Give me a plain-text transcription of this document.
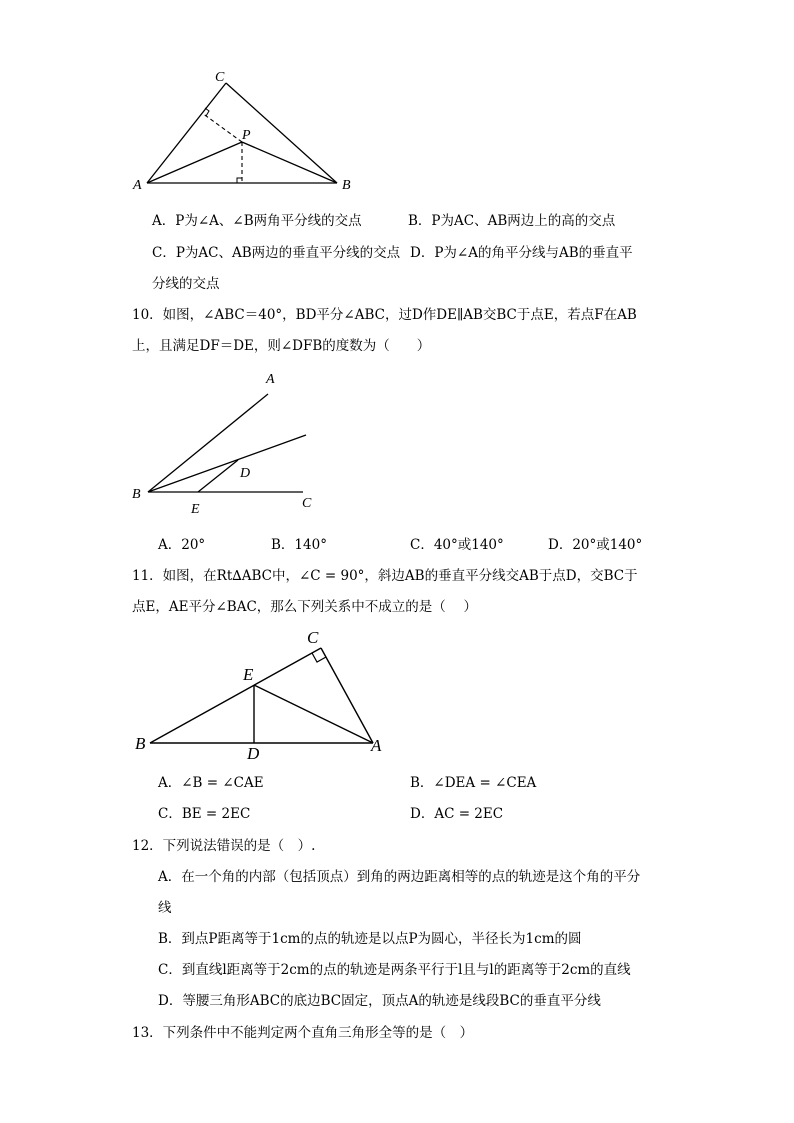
A	B
C
P
A．P为∠A、∠B两角平分线的交点	B．P为AC、AB两边上的高的交点
C．P为AC、AB两边的垂直平分线的交点 D．P为∠A的角平分线与AB的垂直平
分线的交点
10．如图，∠ABC＝40°，BD平分∠ABC，过D作DE∥AB交BC于点E，若点F在AB
上，且满足DF＝DE，则∠DFB的度数为（　　）
A
B
C
D
E
A．20°	B．140°	C．40°或140°	D．20°或140°
11．如图，在Rt∆ABC中，∠C = 90°，斜边AB的垂直平分线交AB于点D，交BC于
点E，AE平分∠BAC，那么下列关系中不成立的是（　 ）
B	A
C
E
D
A．∠B = ∠CAE	B．∠DEA = ∠CEA
C．BE = 2EC	D．AC = 2EC
12．下列说法错误的是（　）.
A．在一个角的内部（包括顶点）到角的两边距离相等的点的轨迹是这个角的平分
线
B．到点P距离等于1cm的点的轨迹是以点P为圆心，半径长为1cm的圆
C．到直线l距离等于2cm的点的轨迹是两条平行于l且与l的距离等于2cm的直线
D．等腰三角形ABC的底边BC固定，顶点A的轨迹是线段BC的垂直平分线
13．下列条件中不能判定两个直角三角形全等的是（　）
